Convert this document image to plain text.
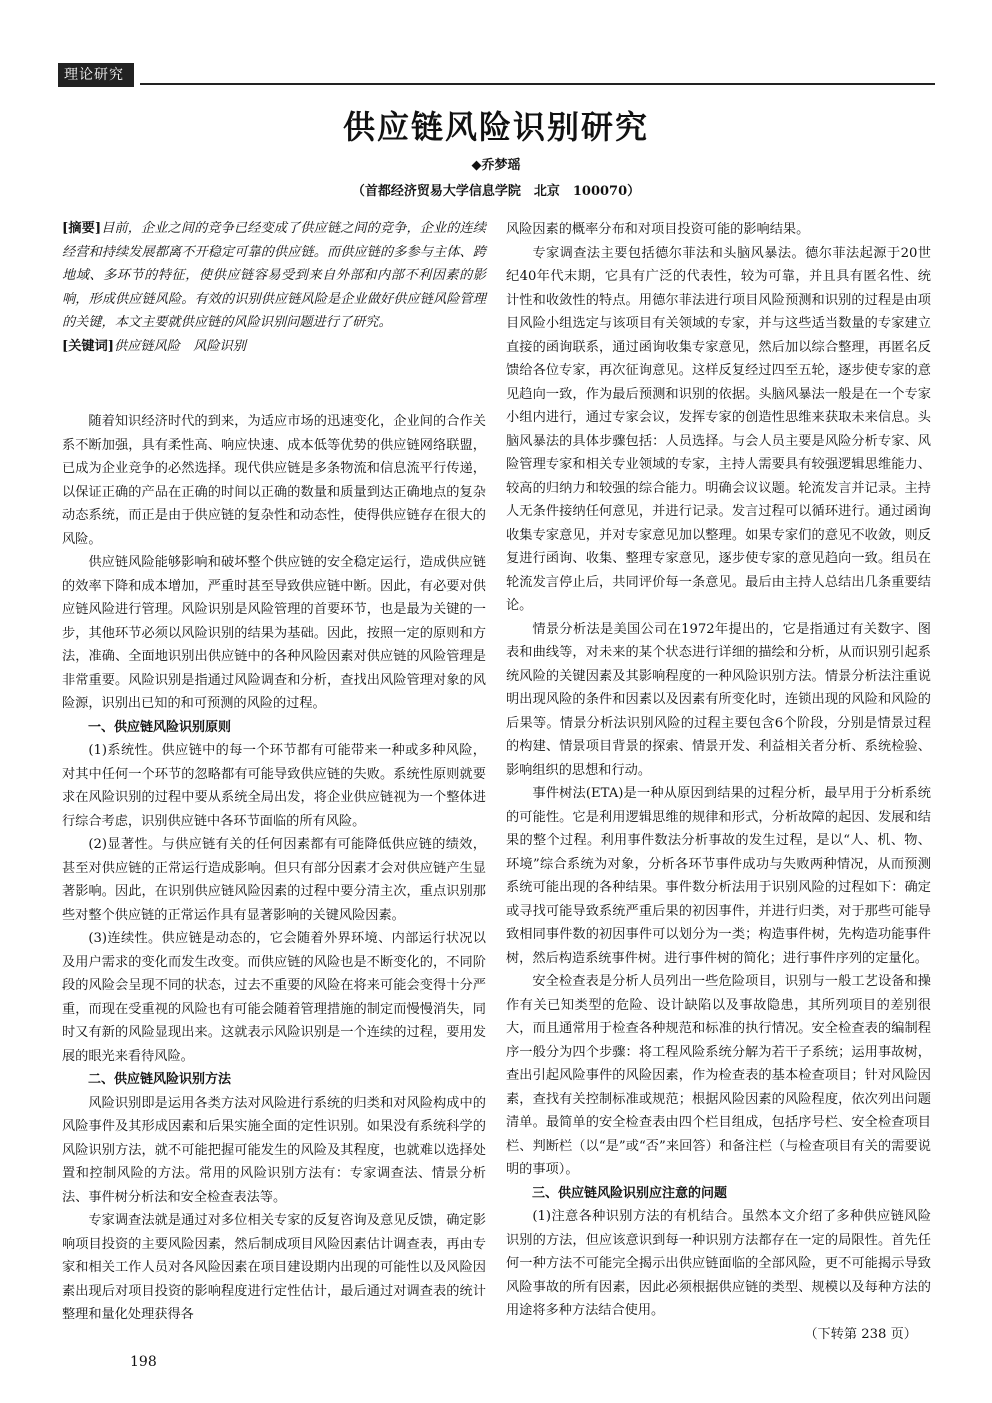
理论研究
供应链风险识别研究
◆乔梦瑶
（首都经济贸易大学信息学院　北京　100070）

[摘要]目前，企业之间的竞争已经变成了供应链之间的竞争，企业的连续经营和持续发展都离不开稳定可靠的供应链。而供应链的多参与主体、跨地域、多环节的特征，使供应链容易受到来自外部和内部不利因素的影响，形成供应链风险。有效的识别供应链风险是企业做好供应链风险管理的关键，本文主要就供应链的风险识别问题进行了研究。

[关键词]供应链风险　风险识别

随着知识经济时代的到来，为适应市场的迅速变化，企业间的合作关系不断加强，具有柔性高、响应快速、成本低等优势的供应链网络联盟，已成为企业竞争的必然选择。现代供应链是多条物流和信息流平行传递，以保证正确的产品在正确的时间以正确的数量和质量到达正确地点的复杂动态系统，而正是由于供应链的复杂性和动态性，使得供应链存在很大的风险。

供应链风险能够影响和破坏整个供应链的安全稳定运行，造成供应链的效率下降和成本增加，严重时甚至导致供应链中断。因此，有必要对供应链风险进行管理。风险识别是风险管理的首要环节，也是最为关键的一步，其他环节必须以风险识别的结果为基础。因此，按照一定的原则和方法，准确、全面地识别出供应链中的各种风险因素对供应链的风险管理是非常重要。风险识别是指通过风险调查和分析，查找出风险管理对象的风险源，识别出已知的和可预测的风险的过程。

一、供应链风险识别原则

(1)系统性。供应链中的每一个环节都有可能带来一种或多种风险，对其中任何一个环节的忽略都有可能导致供应链的失败。系统性原则就要求在风险识别的过程中要从系统全局出发，将企业供应链视为一个整体进行综合考虑，识别供应链中各环节面临的所有风险。

(2)显著性。与供应链有关的任何因素都有可能降低供应链的绩效，甚至对供应链的正常运行造成影响。但只有部分因素才会对供应链产生显著影响。因此，在识别供应链风险因素的过程中要分清主次，重点识别那些对整个供应链的正常运作具有显著影响的关键风险因素。

(3)连续性。供应链是动态的，它会随着外界环境、内部运行状况以及用户需求的变化而发生改变。而供应链的风险也是不断变化的，不同阶段的风险会呈现不同的状态，过去不重要的风险在将来可能会变得十分严重，而现在受重视的风险也有可能会随着管理措施的制定而慢慢消失，同时又有新的风险显现出来。这就表示风险识别是一个连续的过程，要用发展的眼光来看待风险。

二、供应链风险识别方法

风险识别即是运用各类方法对风险进行系统的归类和对风险构成中的风险事件及其形成因素和后果实施全面的定性识别。如果没有系统科学的风险识别方法，就不可能把握可能发生的风险及其程度，也就难以选择处置和控制风险的方法。常用的风险识别方法有：专家调查法、情景分析法、事件树分析法和安全检查表法等。

专家调查法就是通过对多位相关专家的反复咨询及意见反馈，确定影响项目投资的主要风险因素，然后制成项目风险因素估计调查表，再由专家和相关工作人员对各风险因素在项目建设期内出现的可能性以及风险因素出现后对项目投资的影响程度进行定性估计，最后通过对调查表的统计整理和量化处理获得各

风险因素的概率分布和对项目投资可能的影响结果。

专家调查法主要包括德尔菲法和头脑风暴法。德尔菲法起源于20世纪40年代末期，它具有广泛的代表性，较为可靠，并且具有匿名性、统计性和收敛性的特点。用德尔菲法进行项目风险预测和识别的过程是由项目风险小组选定与该项目有关领域的专家，并与这些适当数量的专家建立直接的函询联系，通过函询收集专家意见，然后加以综合整理，再匿名反馈给各位专家，再次征询意见。这样反复经过四至五轮，逐步使专家的意见趋向一致，作为最后预测和识别的依据。头脑风暴法一般是在一个专家小组内进行，通过专家会议，发挥专家的创造性思维来获取未来信息。头脑风暴法的具体步骤包括：人员选择。与会人员主要是风险分析专家、风险管理专家和相关专业领域的专家，主持人需要具有较强逻辑思维能力、较高的归纳力和较强的综合能力。明确会议议题。轮流发言并记录。主持人无条件接纳任何意见，并进行记录。发言过程可以循环进行。通过函询收集专家意见，并对专家意见加以整理。如果专家们的意见不收敛，则反复进行函询、收集、整理专家意见，逐步使专家的意见趋向一致。组员在轮流发言停止后，共同评价每一条意见。最后由主持人总结出几条重要结论。

情景分析法是美国公司在1972年提出的，它是指通过有关数字、图表和曲线等，对未来的某个状态进行详细的描绘和分析，从而识别引起系统风险的关键因素及其影响程度的一种风险识别方法。情景分析法注重说明出现风险的条件和因素以及因素有所变化时，连锁出现的风险和风险的后果等。情景分析法识别风险的过程主要包含6个阶段，分别是情景过程的构建、情景项目背景的探索、情景开发、利益相关者分析、系统检验、影响组织的思想和行动。

事件树法(ETA)是一种从原因到结果的过程分析，最早用于分析系统的可能性。它是利用逻辑思维的规律和形式，分析故障的起因、发展和结果的整个过程。利用事件数法分析事故的发生过程，是以“人、机、物、环境”综合系统为对象，分析各环节事件成功与失败两种情况，从而预测系统可能出现的各种结果。事件数分析法用于识别风险的过程如下：确定或寻找可能导致系统严重后果的初因事件，并进行归类，对于那些可能导致相同事件数的初因事件可以划分为一类；构造事件树，先构造功能事件树，然后构造系统事件树。进行事件树的简化；进行事件序列的定量化。

安全检查表是分析人员列出一些危险项目，识别与一般工艺设备和操作有关已知类型的危险、设计缺陷以及事故隐患，其所列项目的差别很大，而且通常用于检查各种规范和标准的执行情况。安全检查表的编制程序一般分为四个步骤：将工程风险系统分解为若干子系统；运用事故树，查出引起风险事件的风险因素，作为检查表的基本检查项目；针对风险因素，查找有关控制标准或规范；根据风险因素的风险程度，依次列出问题清单。最简单的安全检查表由四个栏目组成，包括序号栏、安全检查项目栏、判断栏（以“是”或“否”来回答）和备注栏（与检查项目有关的需要说明的事项）。

三、供应链风险识别应注意的问题

(1)注意各种识别方法的有机结合。虽然本文介绍了多种供应链风险识别的方法，但应该意识到每一种识别方法都存在一定的局限性。首先任何一种方法不可能完全揭示出供应链面临的全部风险，更不可能揭示导致风险事故的所有因素，因此必须根据供应链的类型、规模以及每种方法的用途将多种方法结合使用。

（下转第 238 页）

198
